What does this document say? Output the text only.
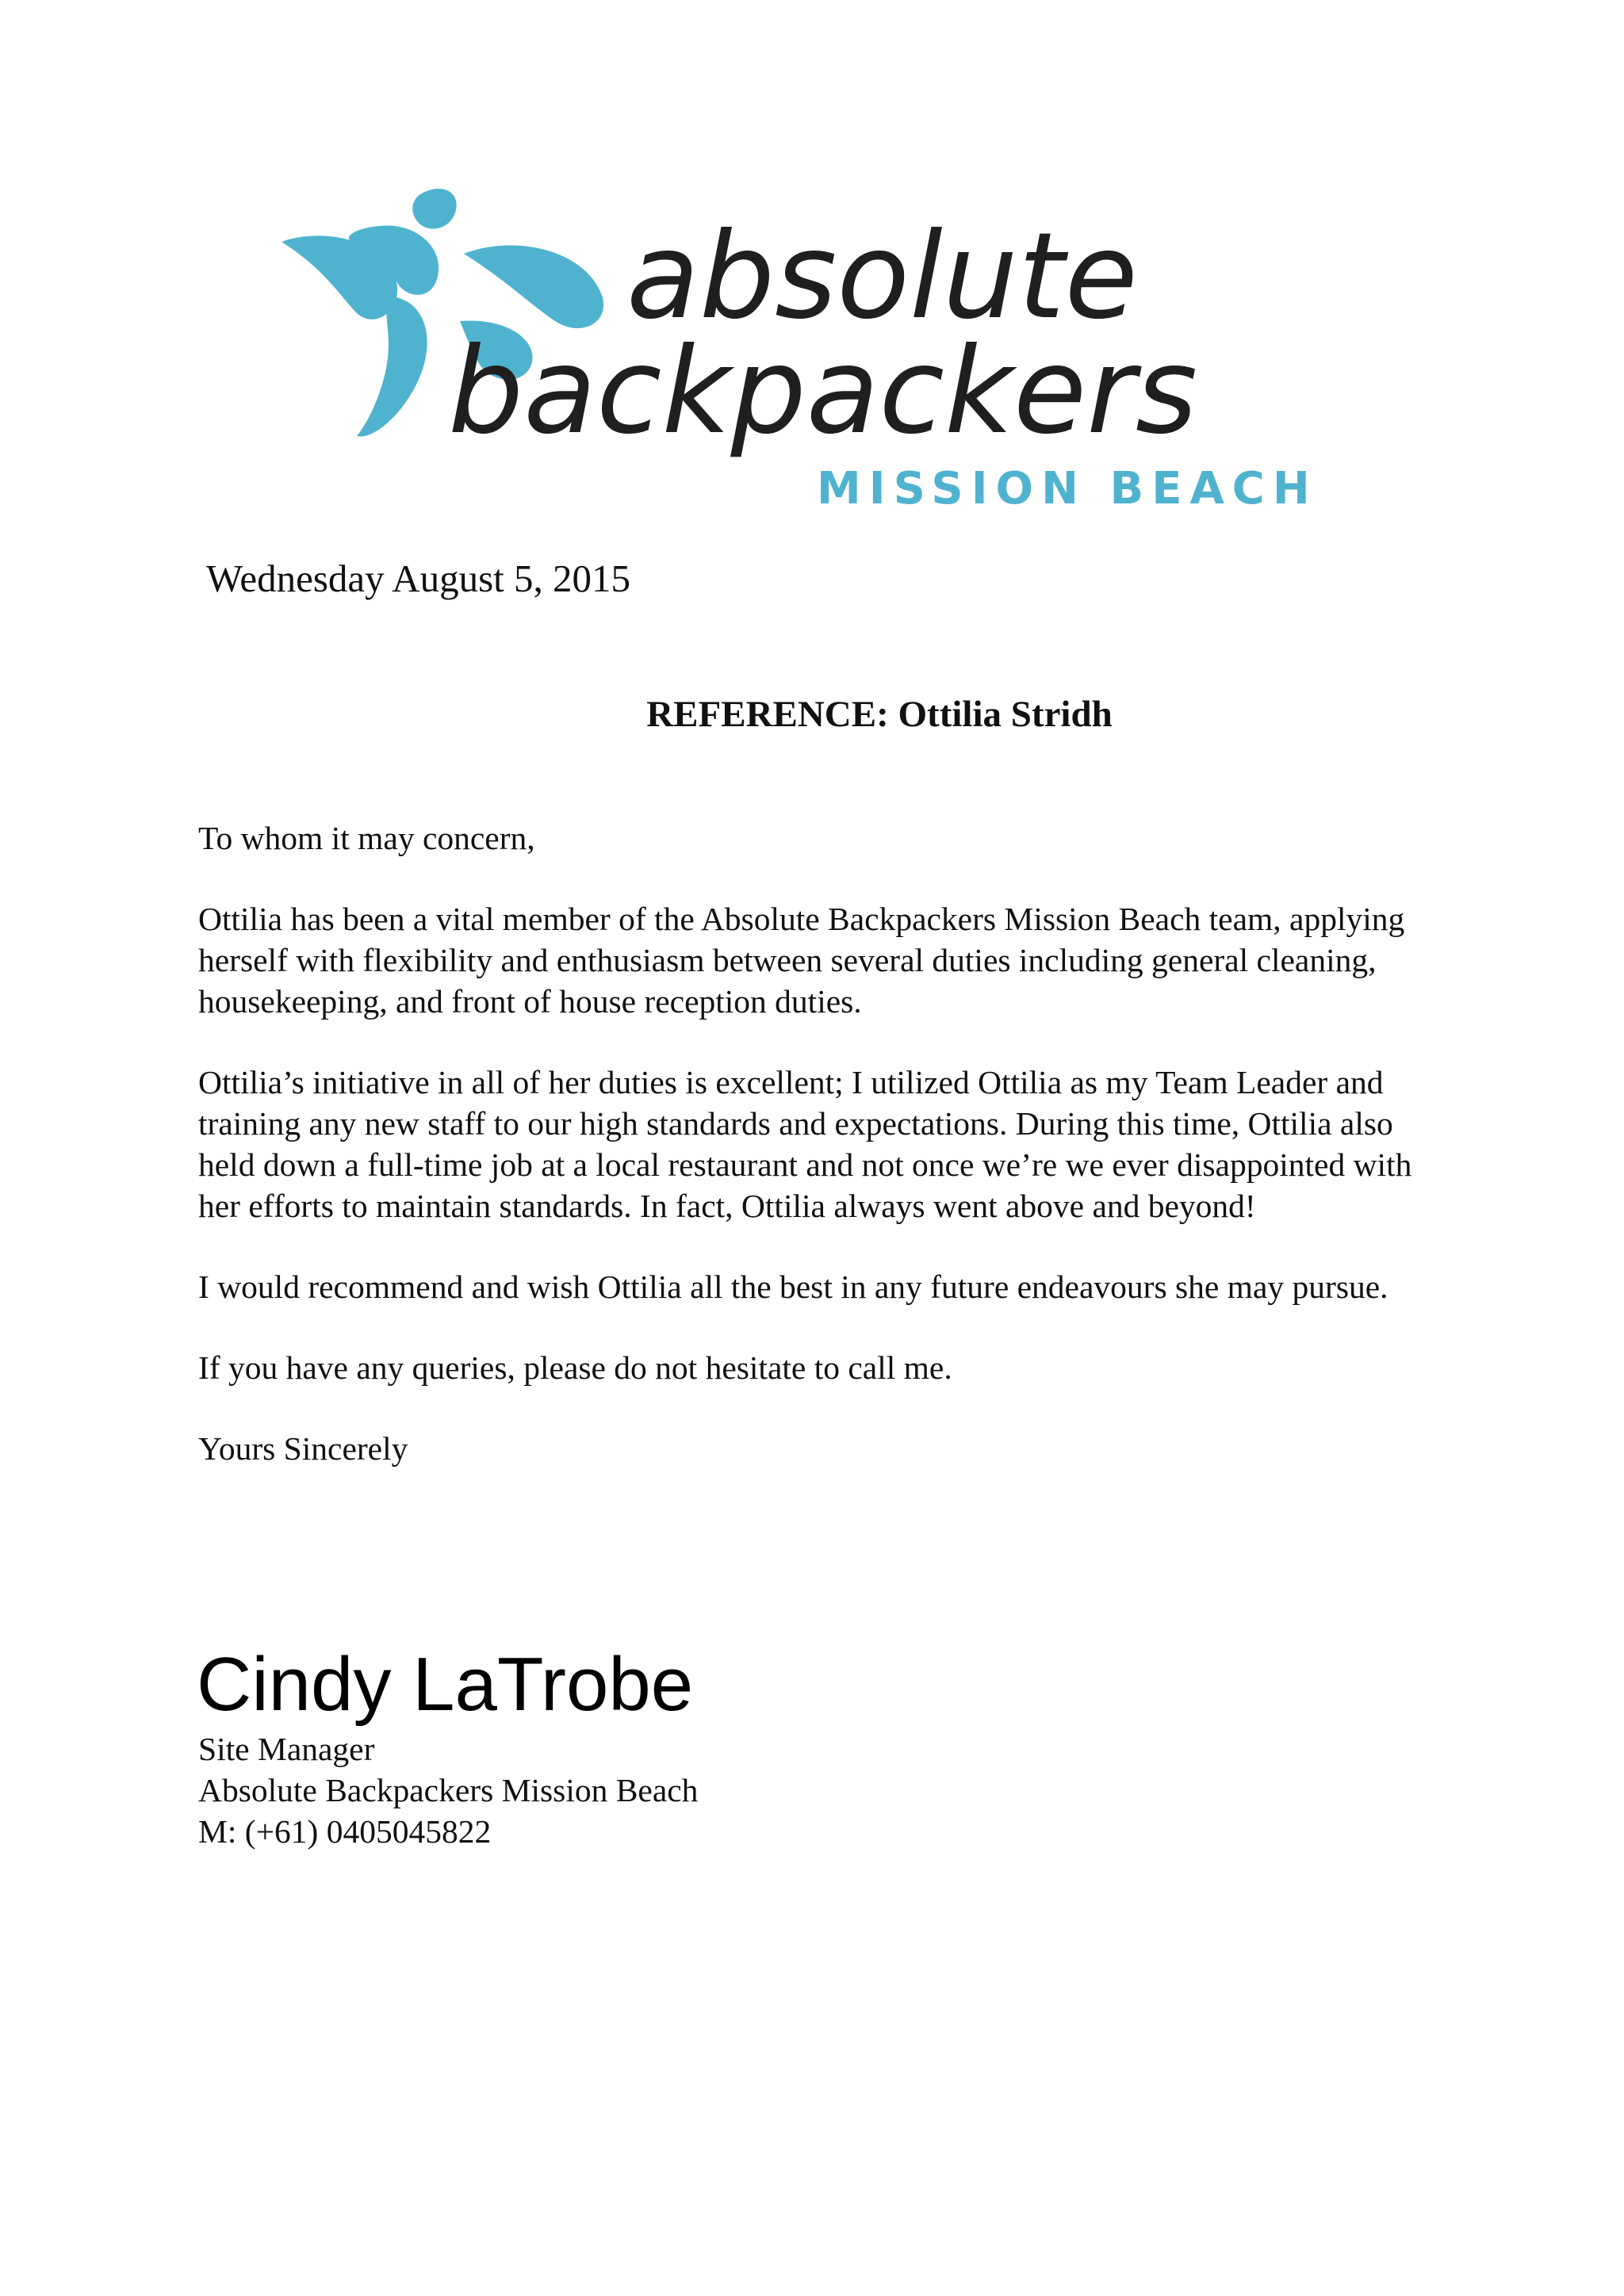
absolute
backpackers
MISSION BEACH
Wednesday August 5, 2015
REFERENCE: Ottilia Stridh

To whom it may concern,

Ottilia has been a vital member of the Absolute Backpackers Mission Beach team, applying herself with flexibility and enthusiasm between several duties including general cleaning, housekeeping, and front of house reception duties.

Ottilia’s initiative in all of her duties is excellent; I utilized Ottilia as my Team Leader and training any new staff to our high standards and expectations. During this time, Ottilia also held down a full-time job at a local restaurant and not once we’re we ever disappointed with her efforts to maintain standards. In fact, Ottilia always went above and beyond!

I would recommend and wish Ottilia all the best in any future endeavours she may pursue.

If you have any queries, please do not hesitate to call me.

Yours Sincerely

Cindy LaTrobe
Site Manager
Absolute Backpackers Mission Beach
M: (+61) 0405045822
